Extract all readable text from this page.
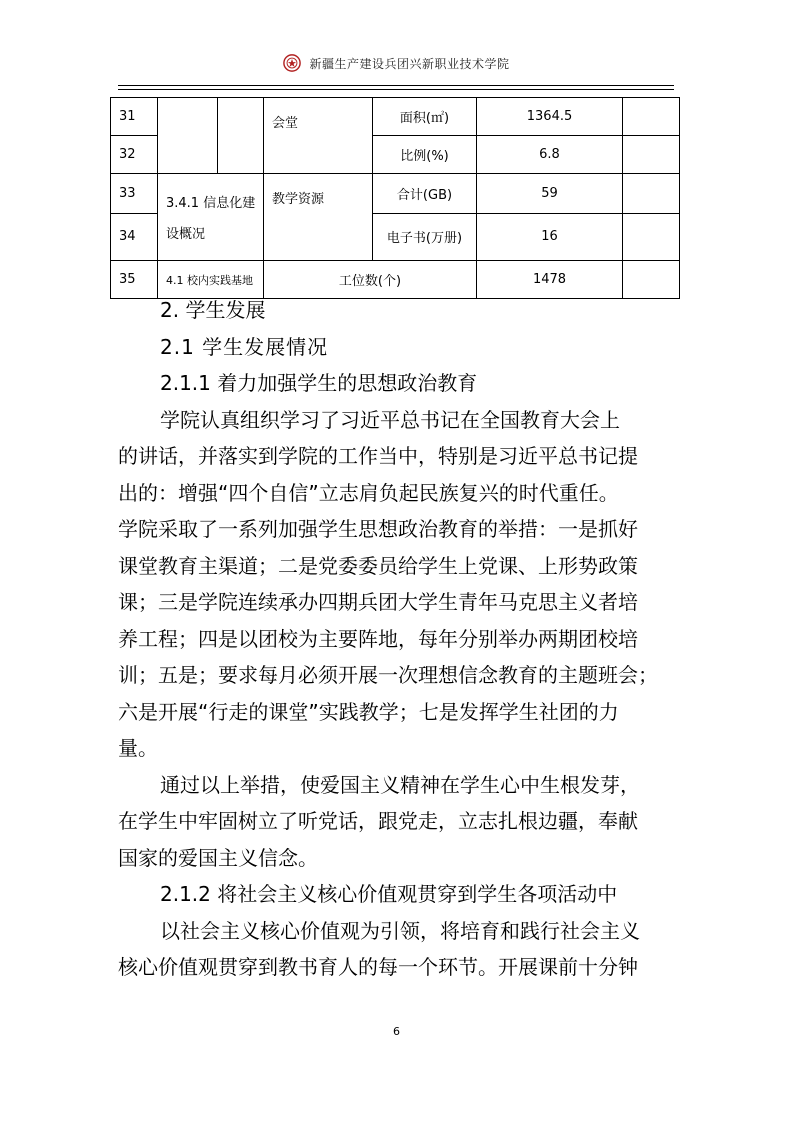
新疆生产建设兵团兴新职业技术学院
31			会堂	面积(㎡)	1364.5	
32				比例(%)	6.8	
33	3.4.1 信息化建		教学资源	合计(GB)	59	
34	设概况			电子书(万册)	16	
35	4.1 校内实践基地		工位数(个)		1478	

2. 学生发展

2.1 学生发展情况

2.1.1 着力加强学生的思想政治教育

学院认真组织学习了习近平总书记在全国教育大会上

的讲话，并落实到学院的工作当中，特别是习近平总书记提

出的：增强“四个自信”立志肩负起民族复兴的时代重任。

学院采取了一系列加强学生思想政治教育的举措：一是抓好

课堂教育主渠道；二是党委委员给学生上党课、上形势政策

课；三是学院连续承办四期兵团大学生青年马克思主义者培

养工程；四是以团校为主要阵地，每年分别举办两期团校培

训；五是；要求每月必须开展一次理想信念教育的主题班会；

六是开展“行走的课堂”实践教学；七是发挥学生社团的力

量。

通过以上举措，使爱国主义精神在学生心中生根发芽，

在学生中牢固树立了听党话，跟党走，立志扎根边疆，奉献

国家的爱国主义信念。

2.1.2 将社会主义核心价值观贯穿到学生各项活动中

以社会主义核心价值观为引领，将培育和践行社会主义

核心价值观贯穿到教书育人的每一个环节。开展课前十分钟

6
